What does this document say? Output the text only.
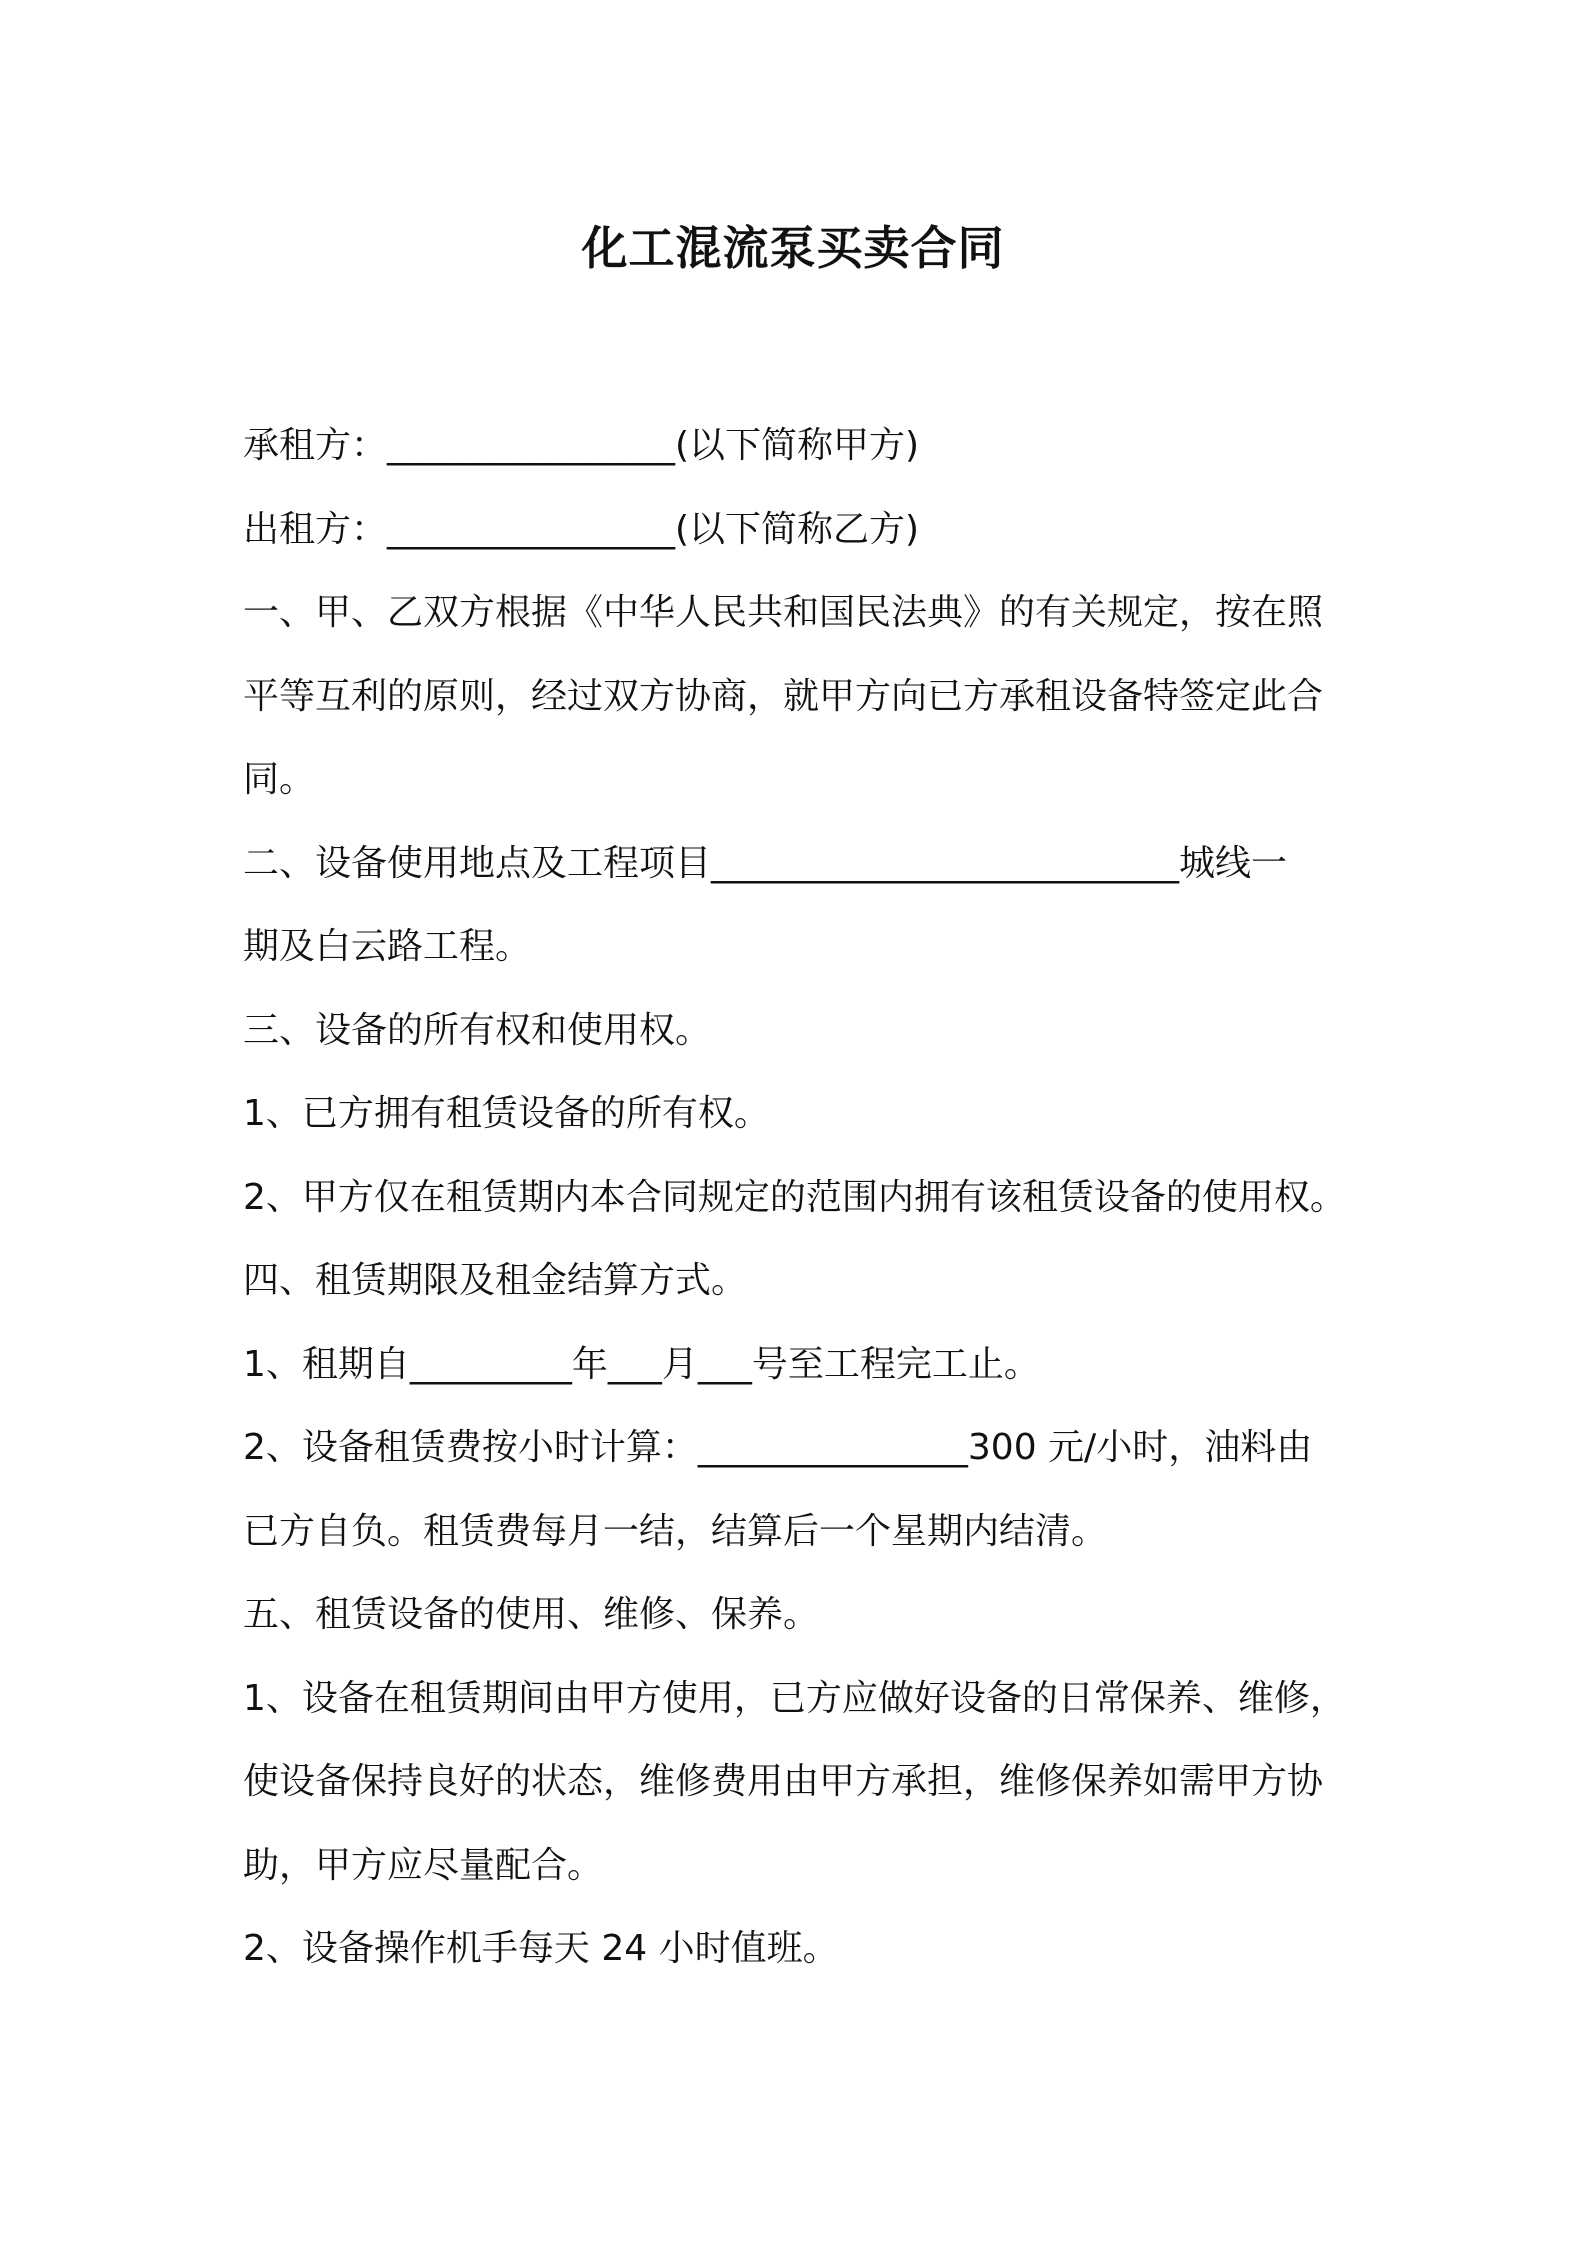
化工混流泵买卖合同
承租方：________________(以下简称甲方)
出租方：________________(以下简称乙方)
一、甲、乙双方根据《中华人民共和国民法典》的有关规定，按在照
平等互利的原则，经过双方协商，就甲方向已方承租设备特签定此合
同。
二、设备使用地点及工程项目__________________________城线一
期及白云路工程。
三、设备的所有权和使用权。
1、已方拥有租赁设备的所有权。
2、甲方仅在租赁期内本合同规定的范围内拥有该租赁设备的使用权。
四、租赁期限及租金结算方式。
1、租期自_________年___月___号至工程完工止。
2、设备租赁费按小时计算：_______________300 元/小时，油料由
已方自负。租赁费每月一结，结算后一个星期内结清。
五、租赁设备的使用、维修、保养。
1、设备在租赁期间由甲方使用，已方应做好设备的日常保养、维修，
使设备保持良好的状态，维修费用由甲方承担，维修保养如需甲方协
助，甲方应尽量配合。
2、设备操作机手每天 24 小时值班。
